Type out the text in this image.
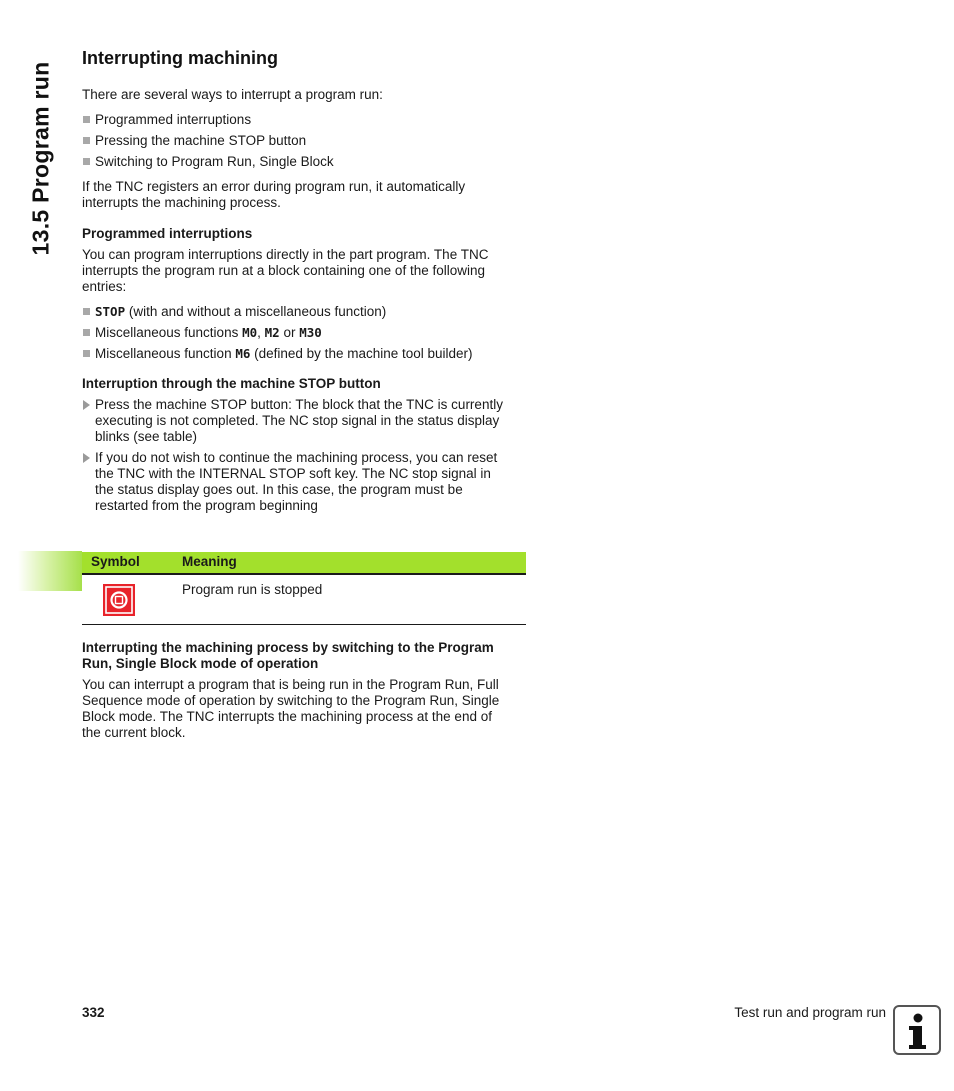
13.5 Program run
Interrupting machining

There are several ways to interrupt a program run:

Programmed interruptions
Pressing the machine STOP button
Switching to Program Run, Single Block

If the TNC registers an error during program run, it automatically
interrupts the machining process.

Programmed interruptions

You can program interruptions directly in the part program. The TNC
interrupts the program run at a block containing one of the following
entries:

STOP (with and without a miscellaneous function)
Miscellaneous functions M0, M2 or M30
Miscellaneous function M6 (defined by the machine tool builder)
Interruption through the machine STOP button
Press the machine STOP button: The block that the TNC is currently
executing is not completed. The NC stop signal in the status display
blinks (see table)
If you do not wish to continue the machining process, you can reset
the TNC with the INTERNAL STOP soft key. The NC stop signal in
the status display goes out. In this case, the program must be
restarted from the program beginning
Symbol	Meaning
Program run is stopped
Interrupting the machining process by switching to the Program
Run, Single Block mode of operation

You can interrupt a program that is being run in the Program Run, Full
Sequence mode of operation by switching to the Program Run, Single
Block mode. The TNC interrupts the machining process at the end of
the current block.

332	Test run and program run
